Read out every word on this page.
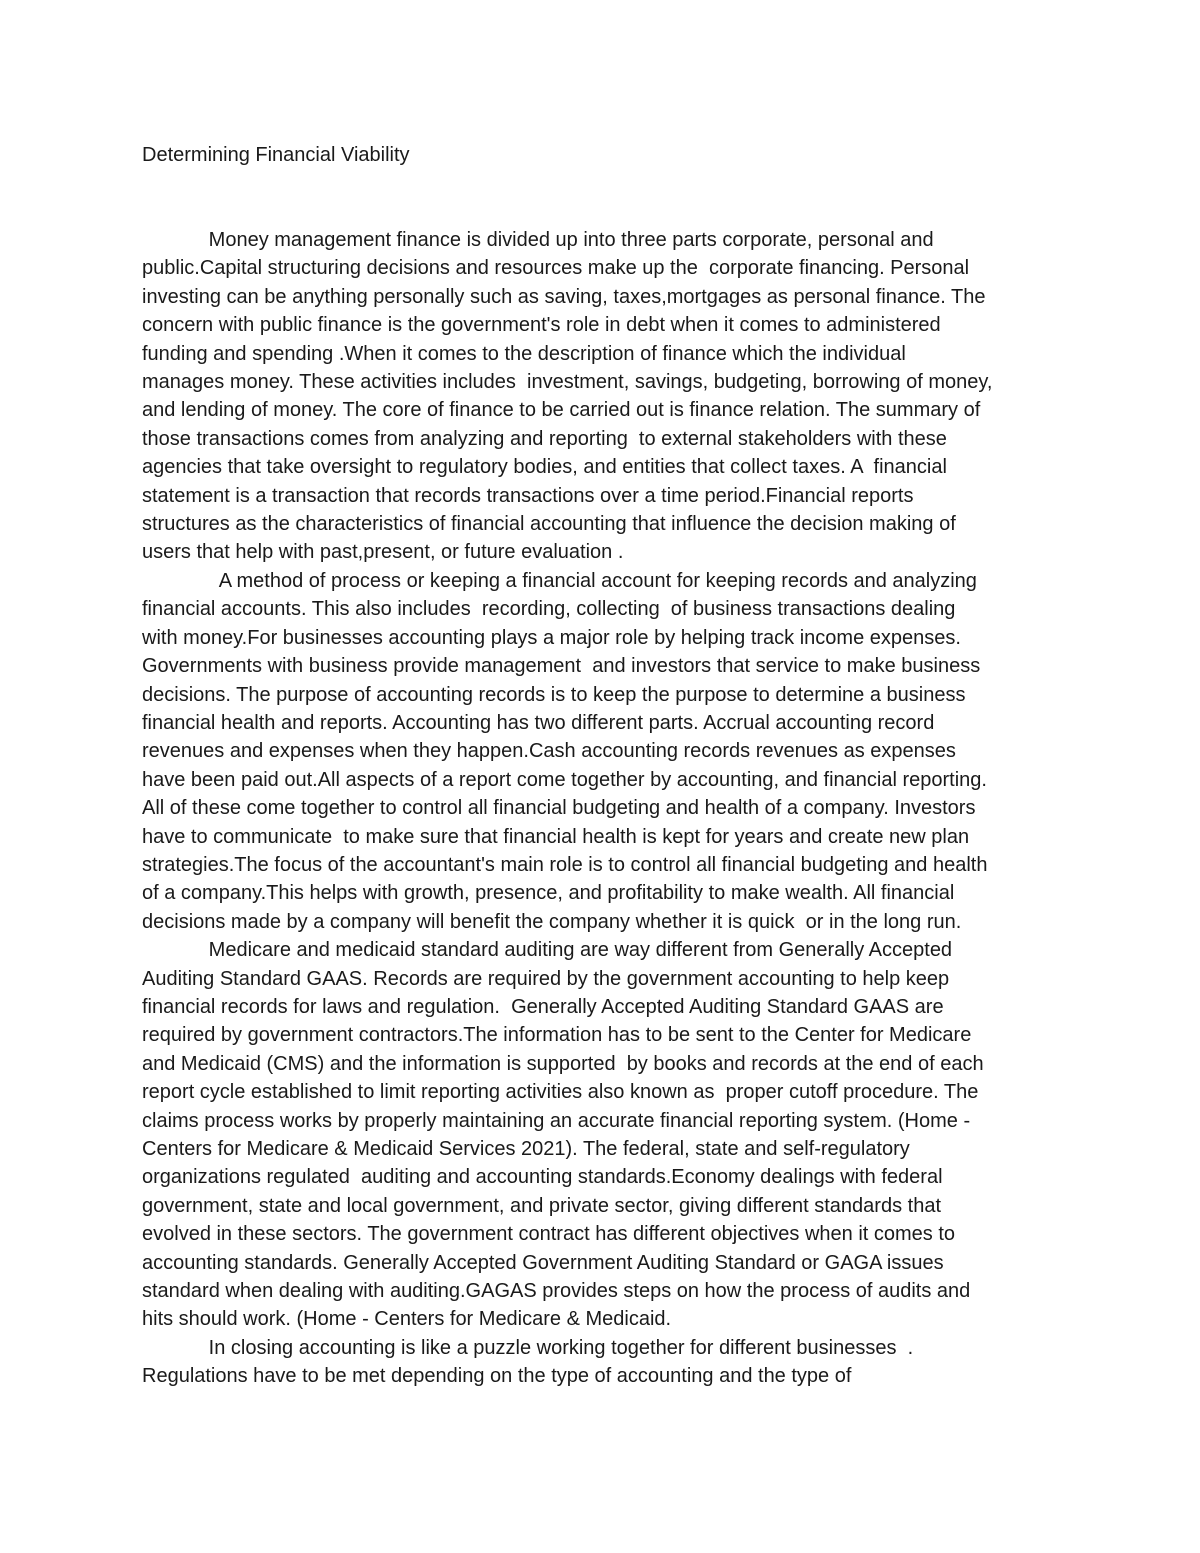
Determining Financial Viability

Money management finance is divided up into three parts corporate, personal and
public.Capital structuring decisions and resources make up the  corporate financing. Personal
investing can be anything personally such as saving, taxes,mortgages as personal finance. The
concern with public finance is the government's role in debt when it comes to administered
funding and spending .When it comes to the description of finance which the individual
manages money. These activities includes  investment, savings, budgeting, borrowing of money,
and lending of money. The core of finance to be carried out is finance relation. The summary of
those transactions comes from analyzing and reporting  to external stakeholders with these
agencies that take oversight to regulatory bodies, and entities that collect taxes. A  financial
statement is a transaction that records transactions over a time period.Financial reports
structures as the characteristics of financial accounting that influence the decision making of
users that help with past,present, or future evaluation .

A method of process or keeping a financial account for keeping records and analyzing
financial accounts. This also includes  recording, collecting  of business transactions dealing
with money.For businesses accounting plays a major role by helping track income expenses.
Governments with business provide management  and investors that service to make business
decisions. The purpose of accounting records is to keep the purpose to determine a business
financial health and reports. Accounting has two different parts. Accrual accounting record
revenues and expenses when they happen.Cash accounting records revenues as expenses
have been paid out.All aspects of a report come together by accounting, and financial reporting.
All of these come together to control all financial budgeting and health of a company. Investors
have to communicate  to make sure that financial health is kept for years and create new plan
strategies.The focus of the accountant's main role is to control all financial budgeting and health
of a company.This helps with growth, presence, and profitability to make wealth. All financial
decisions made by a company will benefit the company whether it is quick  or in the long run.

Medicare and medicaid standard auditing are way different from Generally Accepted
Auditing Standard GAAS. Records are required by the government accounting to help keep
financial records for laws and regulation.  Generally Accepted Auditing Standard GAAS are
required by government contractors.The information has to be sent to the Center for Medicare
and Medicaid (CMS) and the information is supported  by books and records at the end of each
report cycle established to limit reporting activities also known as  proper cutoff procedure. The
claims process works by properly maintaining an accurate financial reporting system. (Home -
Centers for Medicare & Medicaid Services 2021). The federal, state and self-regulatory
organizations regulated  auditing and accounting standards.Economy dealings with federal
government, state and local government, and private sector, giving different standards that
evolved in these sectors. The government contract has different objectives when it comes to
accounting standards. Generally Accepted Government Auditing Standard or GAGA issues
standard when dealing with auditing.GAGAS provides steps on how the process of audits and
hits should work. (Home - Centers for Medicare & Medicaid.

In closing accounting is like a puzzle working together for different businesses  .
Regulations have to be met depending on the type of accounting and the type of
